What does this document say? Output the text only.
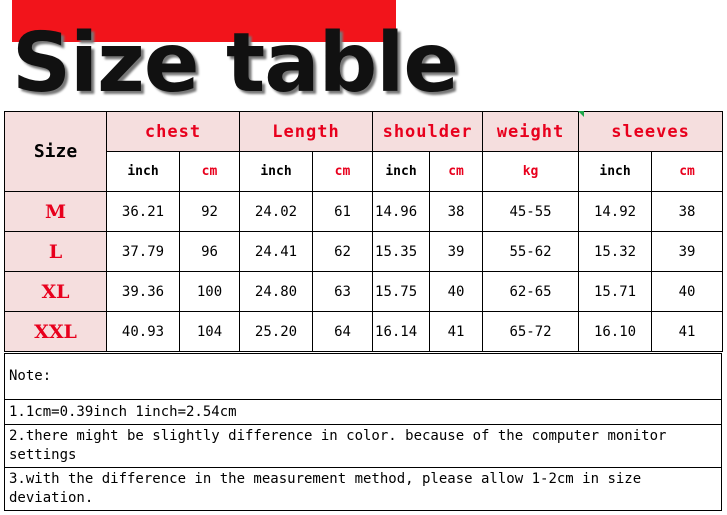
Size table
Size	chest		Length		shoulder		weight	sleeves	
	inch	cm	inch	cm	inch	cm	kg	inch	cm
M	36.21	92	24.02	61	14.96	38	45-55	14.92	38
L	37.79	96	24.41	62	15.35	39	55-62	15.32	39
XL	39.36	100	24.80	63	15.75	40	62-65	15.71	40
XXL	40.93	104	25.20	64	16.14	41	65-72	16.10	41
Note:
1.1cm=0.39inch 1inch=2.54cm
2.there might be slightly difference in color. because of the computer monitor settings
3.with the difference in the measurement method, please allow 1-2cm in size deviation.
